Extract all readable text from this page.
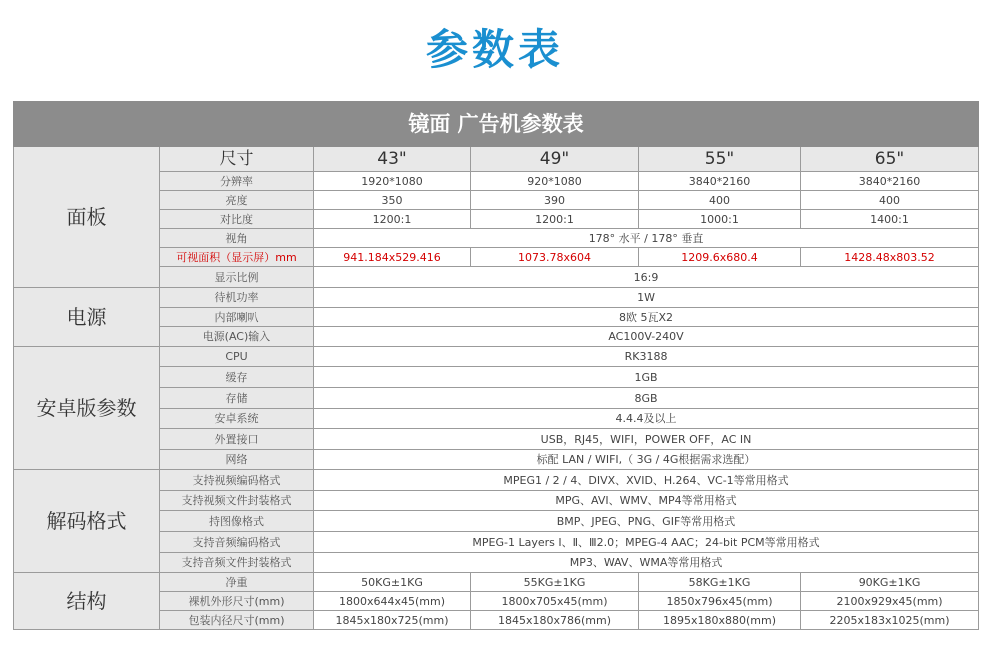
参数表
镜面 广告机参数表					
面板	尺寸	43"	49"	55"	65"
	分辨率	1920*1080	920*1080	3840*2160	3840*2160
	亮度	350	390	400	400
	对比度	1200:1	1200:1	1000:1	1400:1
	视角	178° 水平 / 178° 垂直			
	可视面积（显示屏）mm	941.184x529.416	1073.78x604	1209.6x680.4	1428.48x803.52
	显示比例	16:9			
电源	待机功率	1W			
	内部喇叭	8欧 5瓦X2			
	电源(AC)输入	AC100V-240V			
安卓版参数	CPU	RK3188			
	缓存	1GB			
	存储	8GB			
	安卓系统	4.4.4及以上			
	外置接口	USB，RJ45，WIFI，POWER OFF，AC IN			
	网络	标配 LAN / WIFI,（ 3G / 4G根据需求选配）			
解码格式	支持视频编码格式	MPEG1 / 2 / 4、DIVX、XVID、H.264、VC-1等常用格式			
	支持视频文件封装格式	MPG、AVI、WMV、MP4等常用格式			
	持图像格式	BMP、JPEG、PNG、GIF等常用格式			
	支持音频编码格式	MPEG-1 Layers Ⅰ、Ⅱ、Ⅲ2.0；MPEG-4 AAC；24-bit PCM等常用格式			
	支持音频文件封装格式	MP3、WAV、WMA等常用格式			
结构	净重	50KG±1KG	55KG±1KG	58KG±1KG	90KG±1KG
	裸机外形尺寸(mm)	1800x644x45(mm)	1800x705x45(mm)	1850x796x45(mm)	2100x929x45(mm)
	包装内径尺寸(mm)	1845x180x725(mm)	1845x180x786(mm)	1895x180x880(mm)	2205x183x1025(mm)
